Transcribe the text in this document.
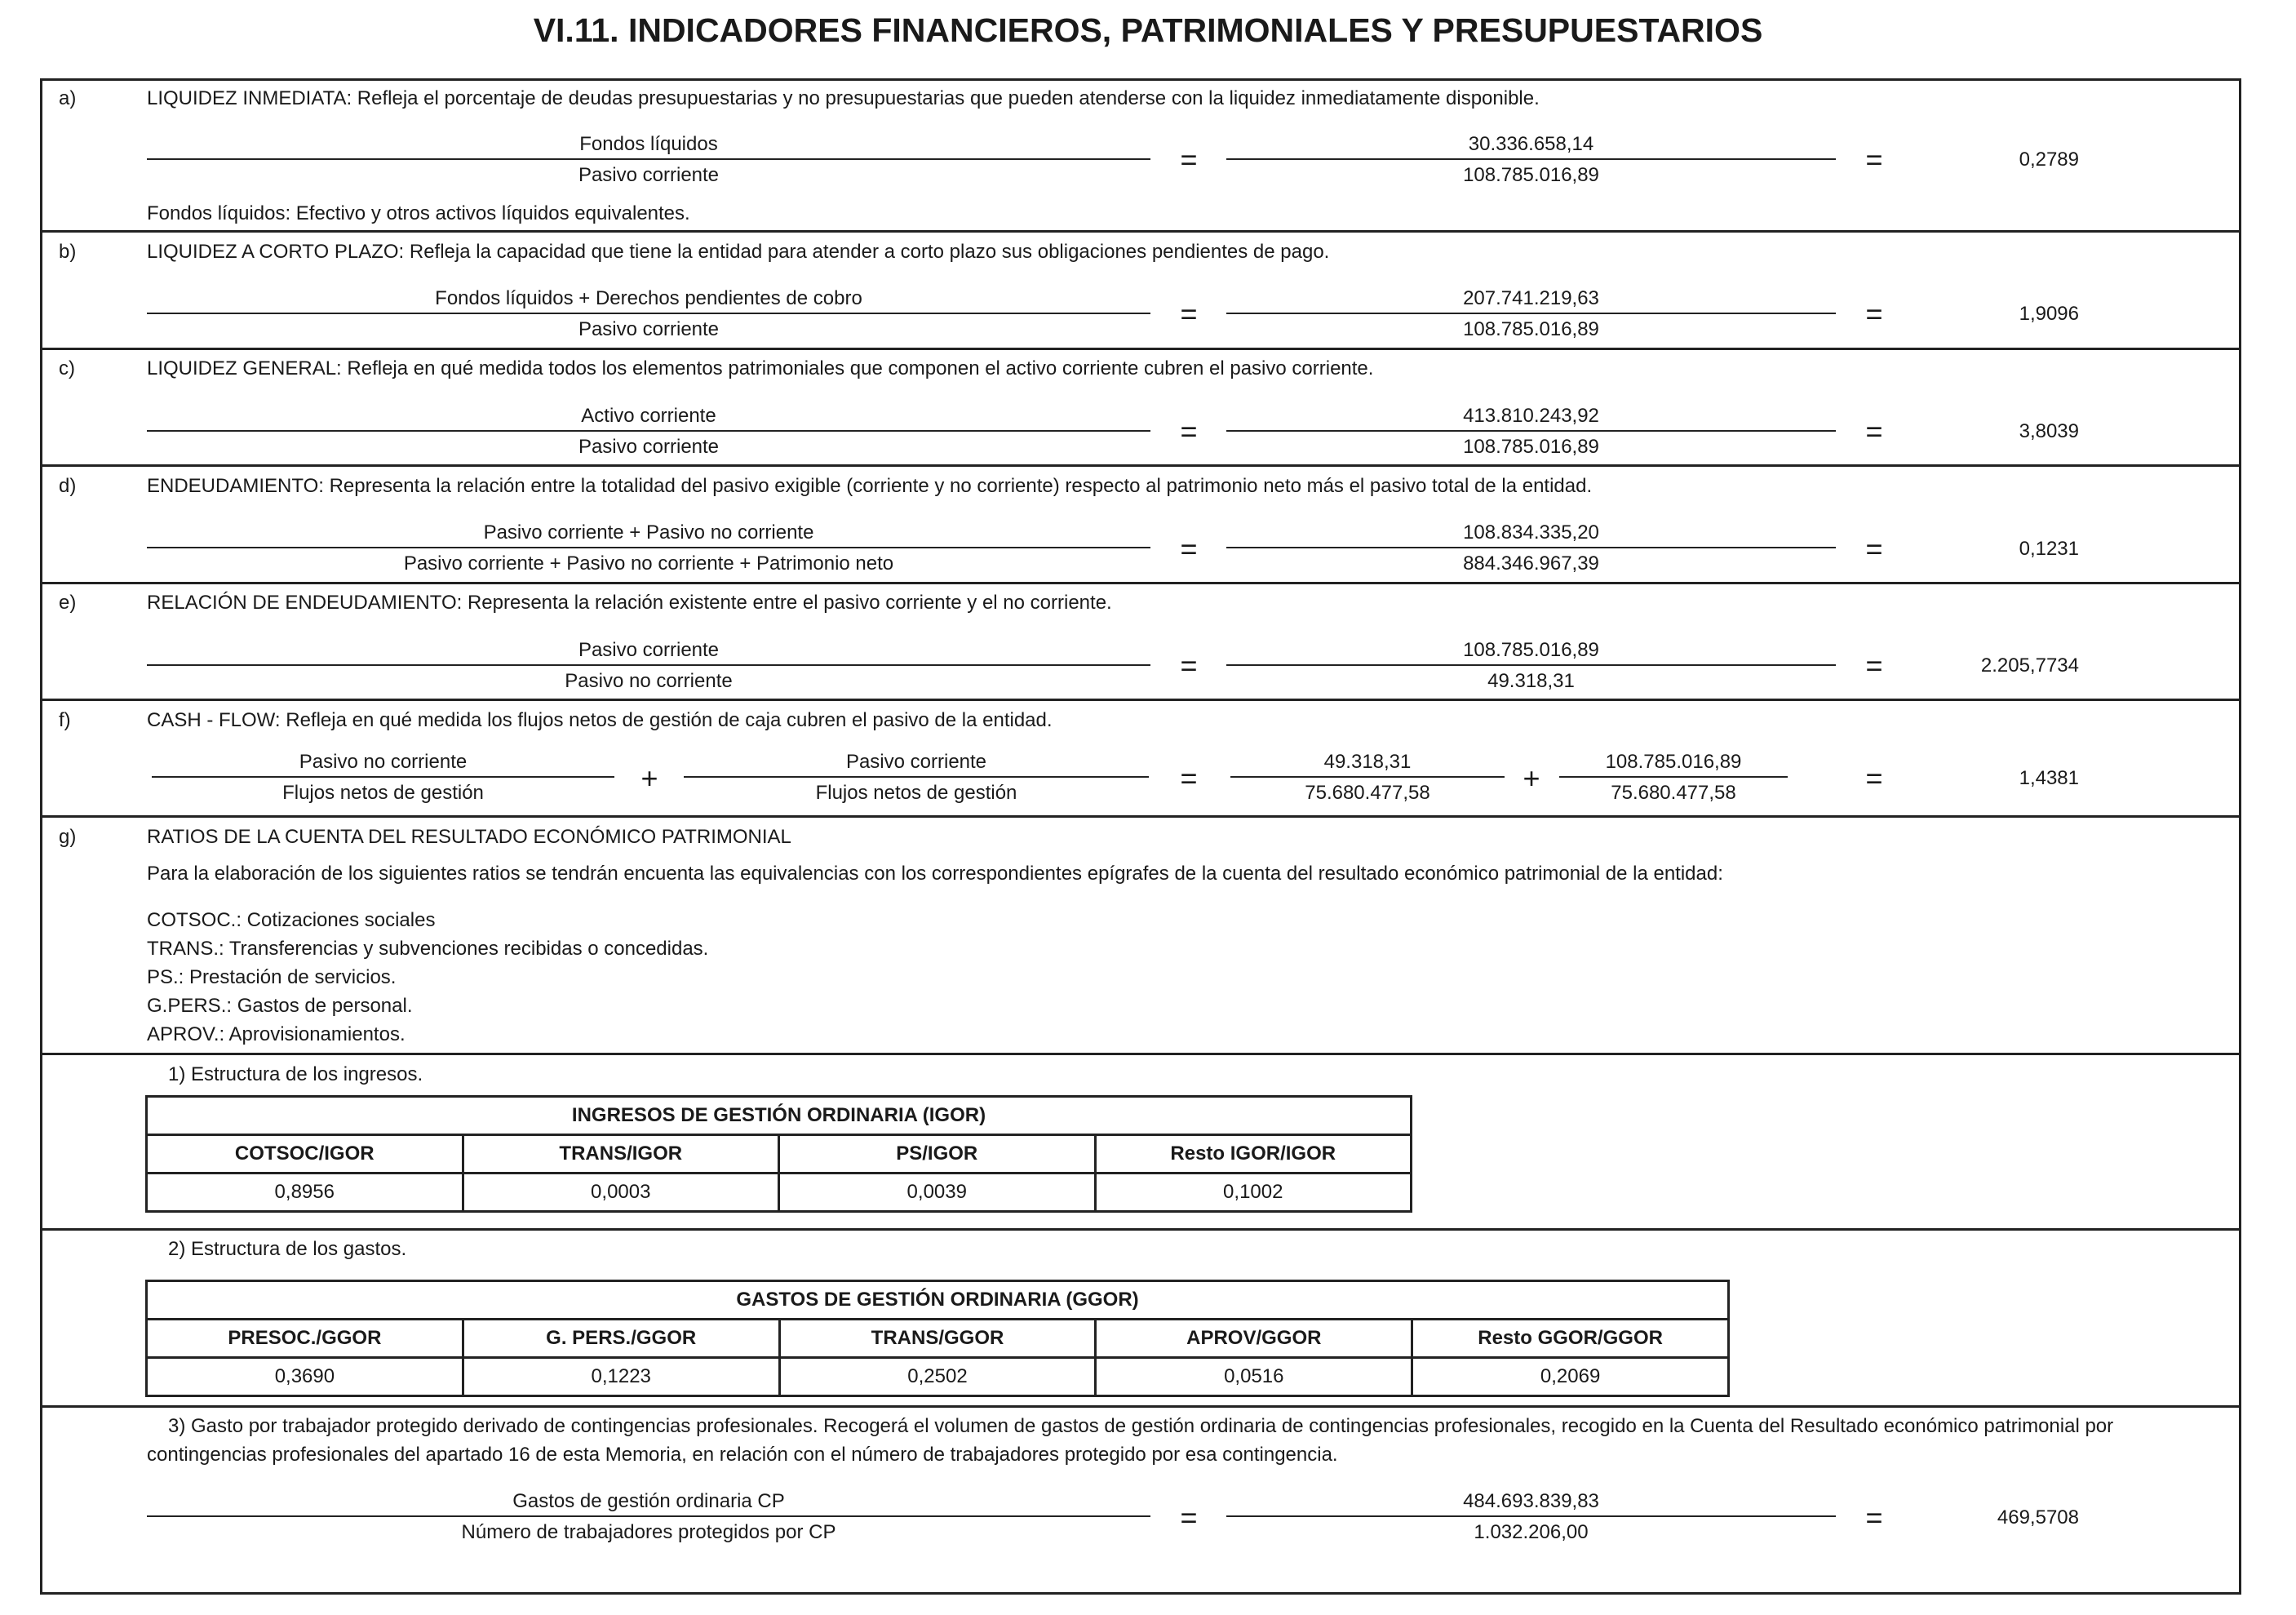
VI.11. INDICADORES FINANCIEROS, PATRIMONIALES Y PRESUPUESTARIOS
a)	LIQUIDEZ INMEDIATA: Refleja el porcentaje de deudas presupuestarias y no presupuestarias que pueden atenderse con la liquidez inmediatamente disponible.
Fondos líquidos
Pasivo corriente	=	30.336.658,14
108.785.016,89	=	0,2789
Fondos líquidos: Efectivo y otros activos líquidos equivalentes.
b)	LIQUIDEZ A CORTO PLAZO: Refleja la capacidad que tiene la entidad para atender a corto plazo sus obligaciones pendientes de pago.
Fondos líquidos + Derechos pendientes de cobro
Pasivo corriente	=	207.741.219,63
108.785.016,89	=	1,9096
c)	LIQUIDEZ GENERAL: Refleja en qué medida todos los elementos patrimoniales que componen el activo corriente cubren el pasivo corriente.
Activo corriente
Pasivo corriente	=	413.810.243,92
108.785.016,89	=	3,8039
d)	ENDEUDAMIENTO: Representa la relación entre la totalidad del pasivo exigible (corriente y no corriente) respecto al patrimonio neto más el pasivo total de la entidad.
Pasivo corriente + Pasivo no corriente
Pasivo corriente + Pasivo no corriente + Patrimonio neto	=	108.834.335,20
884.346.967,39	=	0,1231
e)	RELACIÓN DE ENDEUDAMIENTO: Representa la relación existente entre el pasivo corriente y el no corriente.
Pasivo corriente
Pasivo no corriente	=	108.785.016,89
49.318,31	=	2.205,7734
f)	CASH - FLOW: Refleja en qué medida los flujos netos de gestión de caja cubren el pasivo de la entidad.
Pasivo no corriente
Flujos netos de gestión	+	Pasivo corriente
Flujos netos de gestión	=	49.318,31
75.680.477,58	+	108.785.016,89
75.680.477,58	=	1,4381
g)	RATIOS DE LA CUENTA DEL RESULTADO ECONÓMICO PATRIMONIAL
Para la elaboración de los siguientes ratios se tendrán encuenta las equivalencias con los correspondientes epígrafes de la cuenta del resultado económico patrimonial de la entidad:
COTSOC.: Cotizaciones sociales
TRANS.: Transferencias y subvenciones recibidas o concedidas.
PS.: Prestación de servicios.
G.PERS.: Gastos de personal.
APROV.: Aprovisionamientos.
1) Estructura de los ingresos.
INGRESOS DE GESTIÓN ORDINARIA (IGOR)			
COTSOC/IGOR	TRANS/IGOR	PS/IGOR	Resto IGOR/IGOR
0,8956	0,0003	0,0039	0,1002
2) Estructura de los gastos.
GASTOS DE GESTIÓN ORDINARIA (GGOR)				
PRESOC./GGOR	G. PERS./GGOR	TRANS/GGOR	APROV/GGOR	Resto GGOR/GGOR
0,3690	0,1223	0,2502	0,0516	0,2069
3) Gasto por trabajador protegido derivado de contingencias profesionales. Recogerá el volumen de gastos de gestión ordinaria de contingencias profesionales, recogido en la Cuenta del Resultado económico patrimonial por
contingencias profesionales del apartado 16 de esta Memoria, en relación con el número de trabajadores protegido por esa contingencia.
Gastos de gestión ordinaria CP
Número de trabajadores protegidos por CP	=	484.693.839,83
1.032.206,00	=	469,5708
